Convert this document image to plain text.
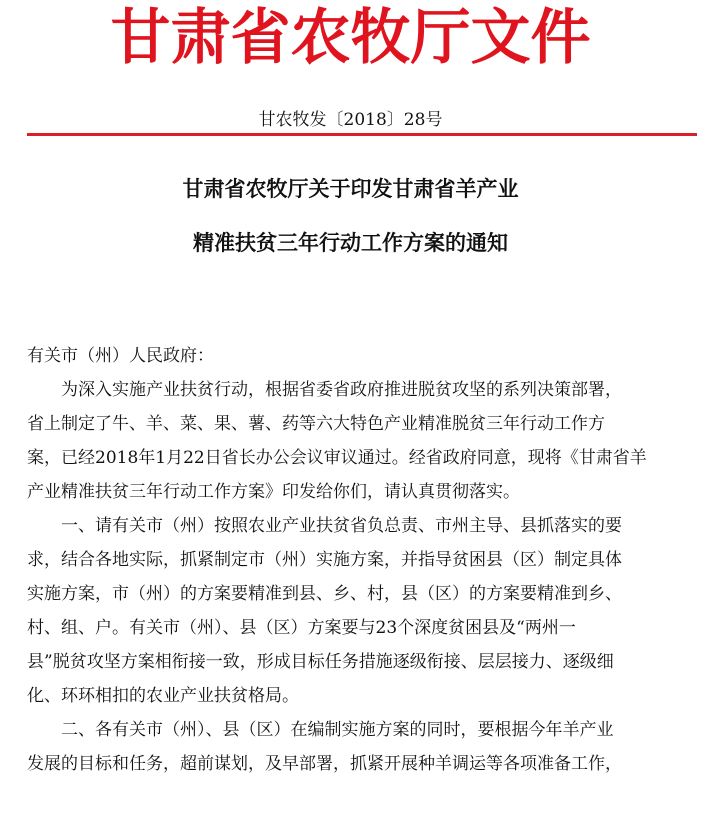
甘肃省农牧厅文件
甘农牧发〔2018〕28号
甘肃省农牧厅关于印发甘肃省羊产业
精准扶贫三年行动工作方案的通知

有关市（州）人民政府：

为深入实施产业扶贫行动，根据省委省政府推进脱贫攻坚的系列决策部署，

省上制定了牛、羊、菜、果、薯、药等六大特色产业精准脱贫三年行动工作方

案，已经2018年1月22日省长办公会议审议通过。经省政府同意，现将《甘肃省羊

产业精准扶贫三年行动工作方案》印发给你们，请认真贯彻落实。

一、请有关市（州）按照农业产业扶贫省负总责、市州主导、县抓落实的要

求，结合各地实际，抓紧制定市（州）实施方案，并指导贫困县（区）制定具体

实施方案，市（州）的方案要精准到县、乡、村，县（区）的方案要精准到乡、

村、组、户。有关市（州）、县（区）方案要与23个深度贫困县及“两州一

县”脱贫攻坚方案相衔接一致，形成目标任务措施逐级衔接、层层接力、逐级细

化、环环相扣的农业产业扶贫格局。

二、各有关市（州）、县（区）在编制实施方案的同时，要根据今年羊产业

发展的目标和任务，超前谋划，及早部署，抓紧开展种羊调运等各项准备工作，
